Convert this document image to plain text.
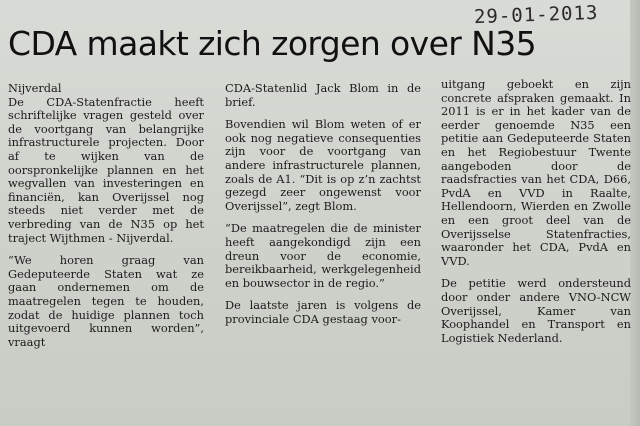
29-01-2013
CDA maakt zich zorgen over N35

Nijverdal

De CDA-Statenfractie heeft schriftelijke vragen gesteld over de voortgang van belangrijke infrastructurele projecten. Door af te wijken van de oorspronkelijke plannen en het wegvallen van investeringen en financiën, kan Overijssel nog steeds niet verder met de verbreding van de N35 op het traject Wijthmen - Nijverdal.

“We horen graag van Gedeputeerde Staten wat ze gaan ondernemen om de maatregelen tegen te houden, zodat de huidige plannen toch uitgevoerd kunnen worden”, vraagt

CDA-Statenlid Jack Blom in de brief.

Bovendien wil Blom weten of er ook nog negatieve consequenties zijn voor de voortgang van andere infrastructurele plannen, zoals de A1. “Dit is op z’n zachtst gezegd zeer ongewenst voor Overijssel”, zegt Blom.

“De maatregelen die de minister heeft aangekondigd zijn een dreun voor de economie, bereikbaarheid, werkgelegenheid en bouwsector in de regio.”

De laatste jaren is volgens de provinciale CDA gestaag voor-

uitgang geboekt en zijn concrete afspraken gemaakt. In 2011 is er in het kader van de eerder genoemde N35 een petitie aan Gedeputeerde Staten en het Regiobestuur Twente aangeboden door de raadsfracties van het CDA, D66, PvdA en VVD in Raalte, Hellendoorn, Wierden en Zwolle en een groot deel van de Overijsselse Statenfracties, waaronder het CDA, PvdA en VVD.

De petitie werd ondersteund door onder andere VNO-NCW Overijssel, Kamer van Koophandel en Transport en Logistiek Nederland.
